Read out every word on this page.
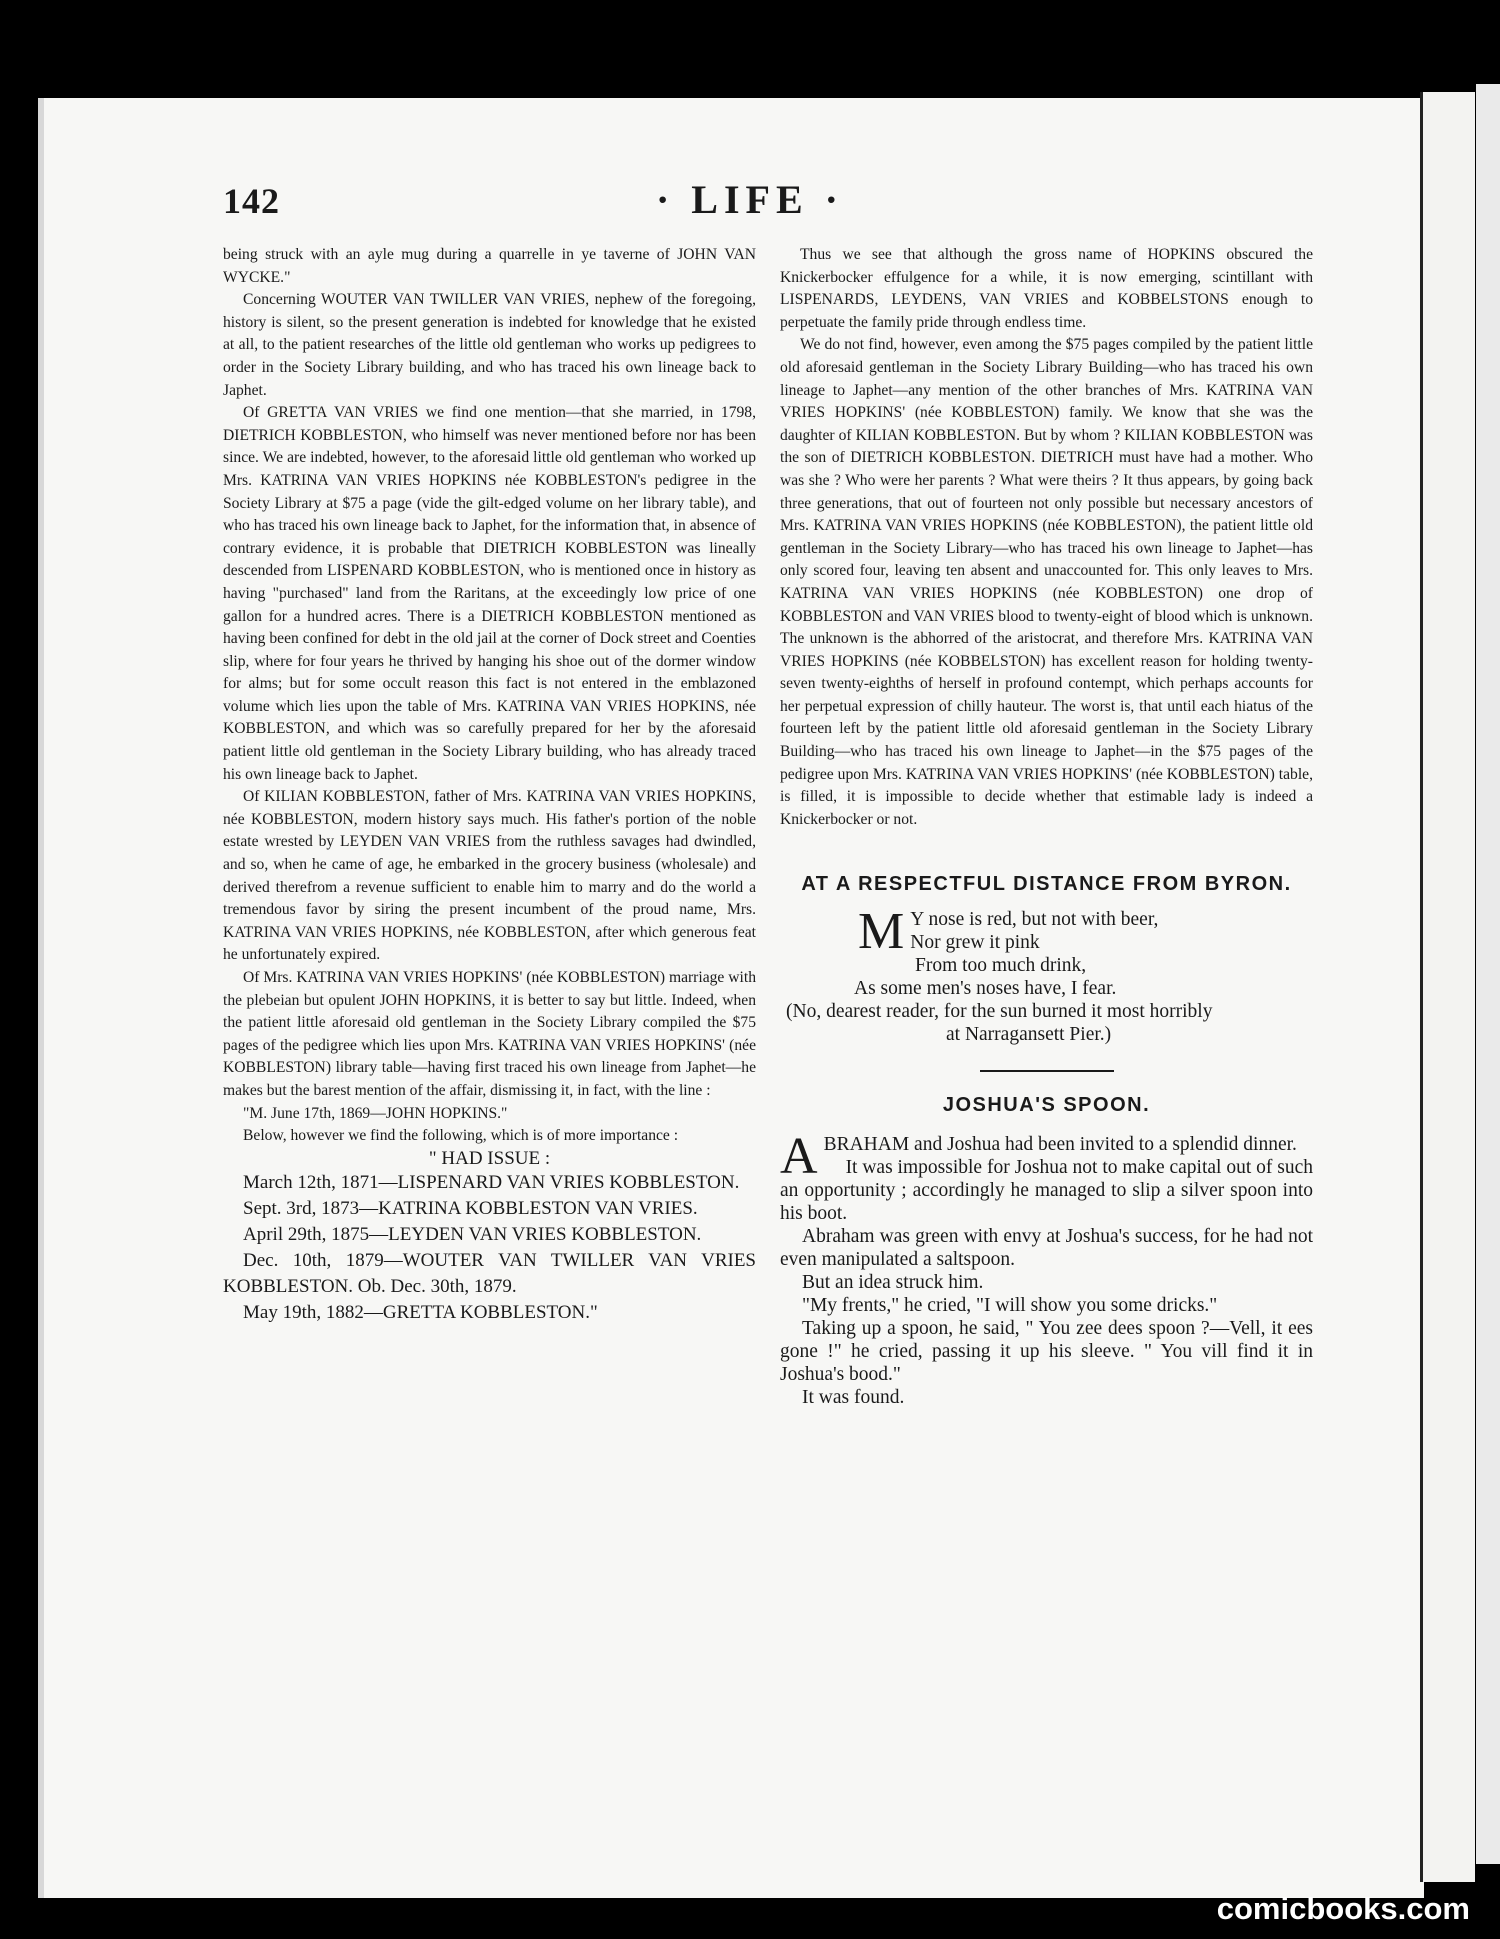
142	· LIFE ·

being struck with an ayle mug during a quarrelle in ye taverne of JOHN VAN WYCKE."

Concerning WOUTER VAN TWILLER VAN VRIES, nephew of the foregoing, history is silent, so the present generation is indebted for knowledge that he existed at all, to the patient researches of the little old gentleman who works up pedigrees to order in the Society Library building, and who has traced his own lineage back to Japhet.

Of GRETTA VAN VRIES we find one mention—that she married, in 1798, DIETRICH KOBBLESTON, who himself was never mentioned before nor has been since. We are indebted, however, to the aforesaid little old gentleman who worked up Mrs. KATRINA VAN VRIES HOPKINS née KOBBLESTON's pedigree in the Society Library at $75 a page (vide the gilt-edged volume on her library table), and who has traced his own lineage back to Japhet, for the information that, in absence of contrary evidence, it is probable that DIETRICH KOBBLESTON was lineally descended from LISPENARD KOBBLESTON, who is mentioned once in history as having "purchased" land from the Raritans, at the exceedingly low price of one gallon for a hundred acres. There is a DIETRICH KOBBLESTON mentioned as having been confined for debt in the old jail at the corner of Dock street and Coenties slip, where for four years he thrived by hanging his shoe out of the dormer window for alms; but for some occult reason this fact is not entered in the emblazoned volume which lies upon the table of Mrs. KATRINA VAN VRIES HOPKINS, née KOBBLESTON, and which was so carefully prepared for her by the aforesaid patient little old gentleman in the Society Library building, who has already traced his own lineage back to Japhet.

Of KILIAN KOBBLESTON, father of Mrs. KATRINA VAN VRIES HOPKINS, née KOBBLESTON, modern history says much. His father's portion of the noble estate wrested by LEYDEN VAN VRIES from the ruthless savages had dwindled, and so, when he came of age, he embarked in the grocery business (wholesale) and derived therefrom a revenue sufficient to enable him to marry and do the world a tremendous favor by siring the present incumbent of the proud name, Mrs. KATRINA VAN VRIES HOPKINS, née KOBBLESTON, after which generous feat he unfortunately expired.

Of Mrs. KATRINA VAN VRIES HOPKINS' (née KOBBLESTON) marriage with the plebeian but opulent JOHN HOPKINS, it is better to say but little. Indeed, when the patient little aforesaid old gentleman in the Society Library compiled the $75 pages of the pedigree which lies upon Mrs. KATRINA VAN VRIES HOPKINS' (née KOBBLESTON) library table—having first traced his own lineage from Japhet—he makes but the barest mention of the affair, dismissing it, in fact, with the line :

"M. June 17th, 1869—JOHN HOPKINS."

Below, however we find the following, which is of more importance :

" HAD ISSUE :

March 12th, 1871—LISPENARD VAN VRIES KOBBLESTON.

Sept. 3rd, 1873—KATRINA KOBBLESTON VAN VRIES.

April 29th, 1875—LEYDEN VAN VRIES KOBBLESTON.

Dec. 10th, 1879—WOUTER VAN TWILLER VAN VRIES KOBBLESTON. Ob. Dec. 30th, 1879.

May 19th, 1882—GRETTA KOBBLESTON."

Thus we see that although the gross name of HOPKINS obscured the Knickerbocker effulgence for a while, it is now emerging, scintillant with LISPENARDS, LEYDENS, VAN VRIES and KOBBELSTONS enough to perpetuate the family pride through endless time.

We do not find, however, even among the $75 pages compiled by the patient little old aforesaid gentleman in the Society Library Building—who has traced his own lineage to Japhet—any mention of the other branches of Mrs. KATRINA VAN VRIES HOPKINS' (née KOBBLESTON) family. We know that she was the daughter of KILIAN KOBBLESTON. But by whom ? KILIAN KOBBLESTON was the son of DIETRICH KOBBLESTON. DIETRICH must have had a mother. Who was she ? Who were her parents ? What were theirs ? It thus appears, by going back three generations, that out of fourteen not only possible but necessary ancestors of Mrs. KATRINA VAN VRIES HOPKINS (née KOBBLESTON), the patient little old gentleman in the Society Library—who has traced his own lineage to Japhet—has only scored four, leaving ten absent and unaccounted for. This only leaves to Mrs. KATRINA VAN VRIES HOPKINS (née KOBBLESTON) one drop of KOBBLESTON and VAN VRIES blood to twenty-eight of blood which is unknown. The unknown is the abhorred of the aristocrat, and therefore Mrs. KATRINA VAN VRIES HOPKINS (née KOBBELSTON) has excellent reason for holding twenty-seven twenty-eighths of herself in profound contempt, which perhaps accounts for her perpetual expression of chilly hauteur. The worst is, that until each hiatus of the fourteen left by the patient little old aforesaid gentleman in the Society Library Building—who has traced his own lineage to Japhet—in the $75 pages of the pedigree upon Mrs. KATRINA VAN VRIES HOPKINS' (née KOBBLESTON) table, is filled, it is impossible to decide whether that estimable lady is indeed a Knickerbocker or not.

AT A RESPECTFUL DISTANCE FROM BYRON.
M Y nose is red, but not with beer,
Nor grew it pink
From too much drink,
As some men's noses have, I fear.
(No, dearest reader, for the sun burned it most horribly
at Narragansett Pier.)
JOSHUA'S SPOON.

A BRAHAM and Joshua had been invited to a splendid dinner.

It was impossible for Joshua not to make capital out of such an opportunity ; accordingly he managed to slip a silver spoon into his boot.

Abraham was green with envy at Joshua's success, for he had not even manipulated a saltspoon.

But an idea struck him.

"My frents," he cried, "I will show you some dricks."

Taking up a spoon, he said, " You zee dees spoon ?—Vell, it ees gone !" he cried, passing it up his sleeve. " You vill find it in Joshua's bood."

It was found.

comicbooks.com
